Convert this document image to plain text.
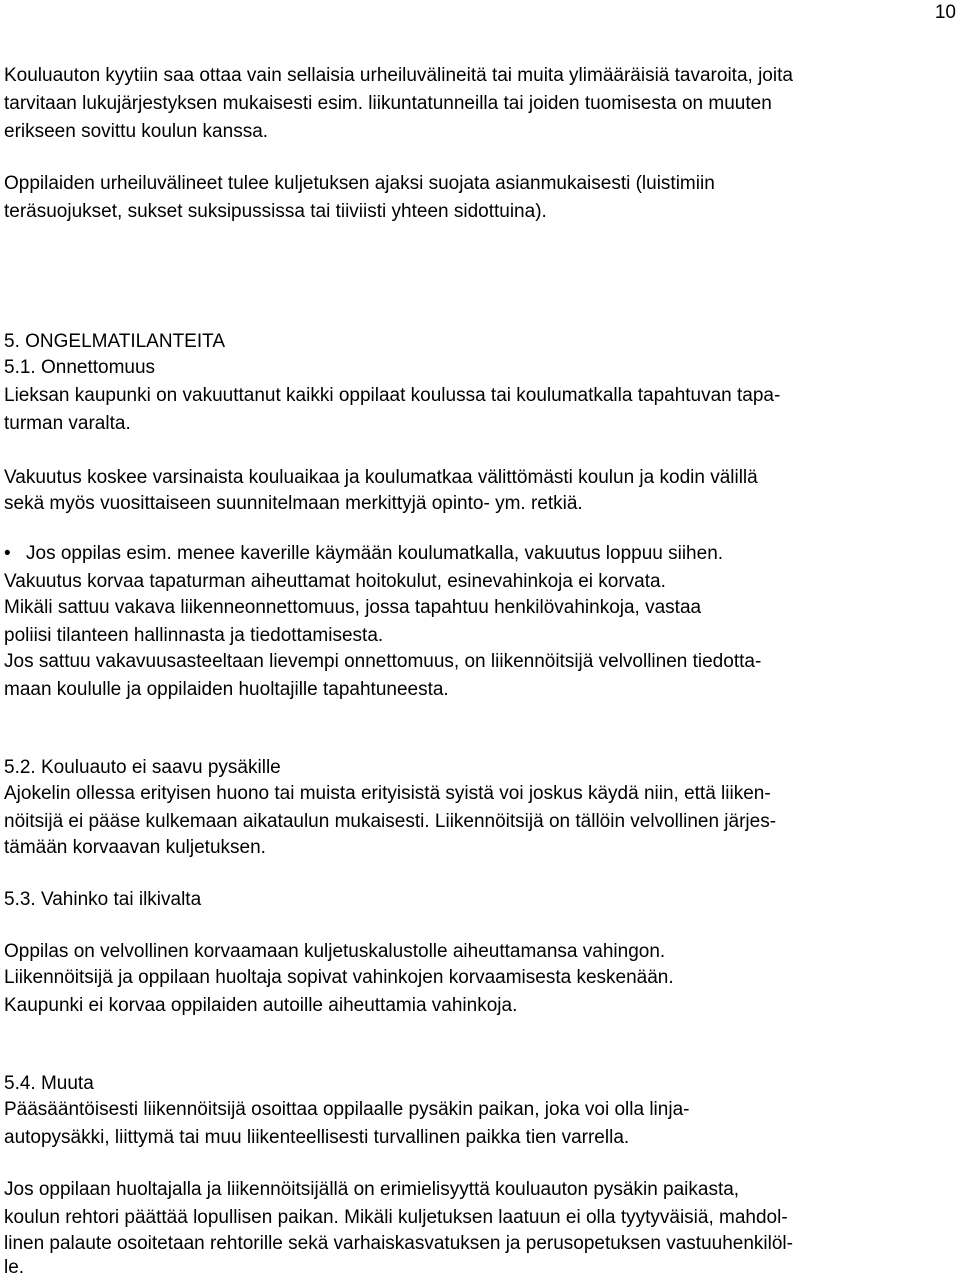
10
Kouluauton kyytiin saa ottaa vain sellaisia urheiluvälineitä tai muita ylimääräisiä tavaroita, joita
tarvitaan lukujärjestyksen mukaisesti esim. liikuntatunneilla tai joiden tuomisesta on muuten
erikseen sovittu koulun kanssa.
Oppilaiden urheiluvälineet tulee kuljetuksen ajaksi suojata asianmukaisesti (luistimiin
teräsuojukset, sukset suksipussissa tai tiiviisti yhteen sidottuina).
5. ONGELMATILANTEITA
5.1. Onnettomuus
Lieksan kaupunki on vakuuttanut kaikki oppilaat koulussa tai koulumatkalla tapahtuvan tapa-
turman varalta.
Vakuutus koskee varsinaista kouluaikaa ja koulumatkaa välittömästi koulun ja kodin välillä
sekä myös vuosittaiseen suunnitelmaan merkittyjä opinto- ym. retkiä.
• Jos oppilas esim. menee kaverille käymään koulumatkalla, vakuutus loppuu siihen.
Vakuutus korvaa tapaturman aiheuttamat hoitokulut, esinevahinkoja ei korvata.
Mikäli sattuu vakava liikenneonnettomuus, jossa tapahtuu henkilövahinkoja, vastaa
poliisi tilanteen hallinnasta ja tiedottamisesta.
Jos sattuu vakavuusasteeltaan lievempi onnettomuus, on liikennöitsijä velvollinen tiedotta-
maan koululle ja oppilaiden huoltajille tapahtuneesta.
5.2. Kouluauto ei saavu pysäkille
Ajokelin ollessa erityisen huono tai muista erityisistä syistä voi joskus käydä niin, että liiken-
nöitsijä ei pääse kulkemaan aikataulun mukaisesti. Liikennöitsijä on tällöin velvollinen järjes-
tämään korvaavan kuljetuksen.
5.3. Vahinko tai ilkivalta
Oppilas on velvollinen korvaamaan kuljetuskalustolle aiheuttamansa vahingon.
Liikennöitsijä ja oppilaan huoltaja sopivat vahinkojen korvaamisesta keskenään.
Kaupunki ei korvaa oppilaiden autoille aiheuttamia vahinkoja.
5.4. Muuta
Pääsääntöisesti liikennöitsijä osoittaa oppilaalle pysäkin paikan, joka voi olla linja-
autopysäkki, liittymä tai muu liikenteellisesti turvallinen paikka tien varrella.
Jos oppilaan huoltajalla ja liikennöitsijällä on erimielisyyttä kouluauton pysäkin paikasta,
koulun rehtori päättää lopullisen paikan. Mikäli kuljetuksen laatuun ei olla tyytyväisiä, mahdol-
linen palaute osoitetaan rehtorille sekä varhaiskasvatuksen ja perusopetuksen vastuuhenkilöl-
le.
